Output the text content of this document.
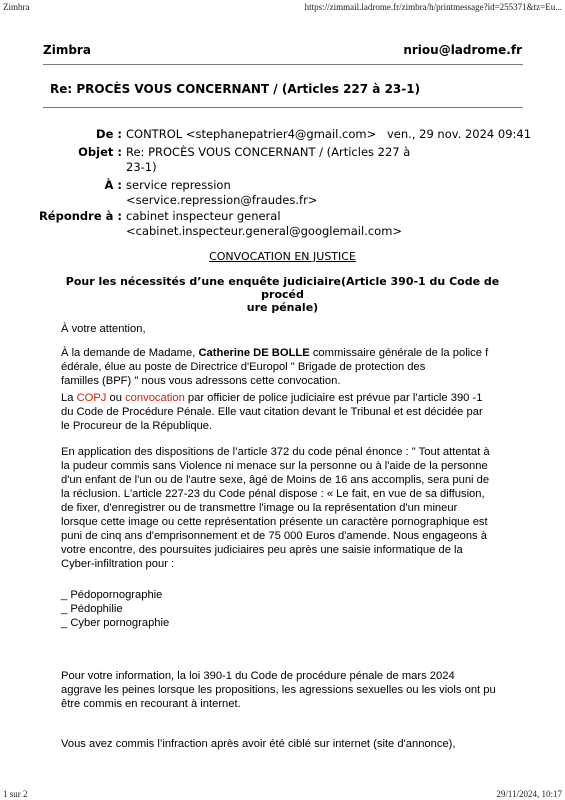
Zimbra	https://zimmail.ladrome.fr/zimbra/h/printmessage?id=255371&tz=Eu...
Zimbra	nriou@ladrome.fr
Re: PROCÈS VOUS CONCERNANT / (Articles 227 à 23-1)
De : CONTROL <stephanepatrier4@gmail.com> ven., 29 nov. 2024 09:41
Objet : Re: PROCÈS VOUS CONCERNANT / (Articles 227 à
23-1)
À : service repression
<service.repression@fraudes.fr>
Répondre à : cabinet inspecteur general
<cabinet.inspecteur.general@googlemail.com>
CONVOCATION EN JUSTICE
Pour les nécessités d’une enquête judiciaire(Article 390-1 du Code de procéd
ure pénale)
À votre attention,
À la demande de Madame, Catherine DE BOLLE commissaire générale de la police f
édérale, élue au poste de Directrice d'Europol " Brigade de protection des
familles (BPF) " nous vous adressons cette convocation.
La COPJ ou convocation par officier de police judiciaire est prévue par l’article 390 -1
du Code de Procédure Pénale. Elle vaut citation devant le Tribunal et est décidée par
le Procureur de la République.
En application des dispositions de l’article 372 du code pénal énonce : " Tout attentat à
la pudeur commis sans Violence ni menace sur la personne ou à l'aide de la personne
d'un enfant de l'un ou de l'autre sexe, âgé de Moins de 16 ans accomplis, sera puni de
la réclusion. L'article 227-23 du Code pénal dispose : « Le fait, en vue de sa diffusion,
de fixer, d'enregistrer ou de transmettre l'image ou la représentation d'un mineur
lorsque cette image ou cette représentation présente un caractère pornographique est
puni de cinq ans d'emprisonnement et de 75 000 Euros d'amende. Nous engageons à
votre encontre, des poursuites judiciaires peu après une saisie informatique de la
Cyber-infiltration pour :
_ Pédopornographie
_ Pédophilie
_ Cyber pornographie
Pour votre information, la loi 390-1 du Code de procédure pénale de mars 2024
aggrave les peines lorsque les propositions, les agressions sexuelles ou les viols ont pu
être commis en recourant à internet.
Vous avez commis l’infraction après avoir été ciblé sur internet (site d'annonce),
1 sur 2	29/11/2024, 10:17
